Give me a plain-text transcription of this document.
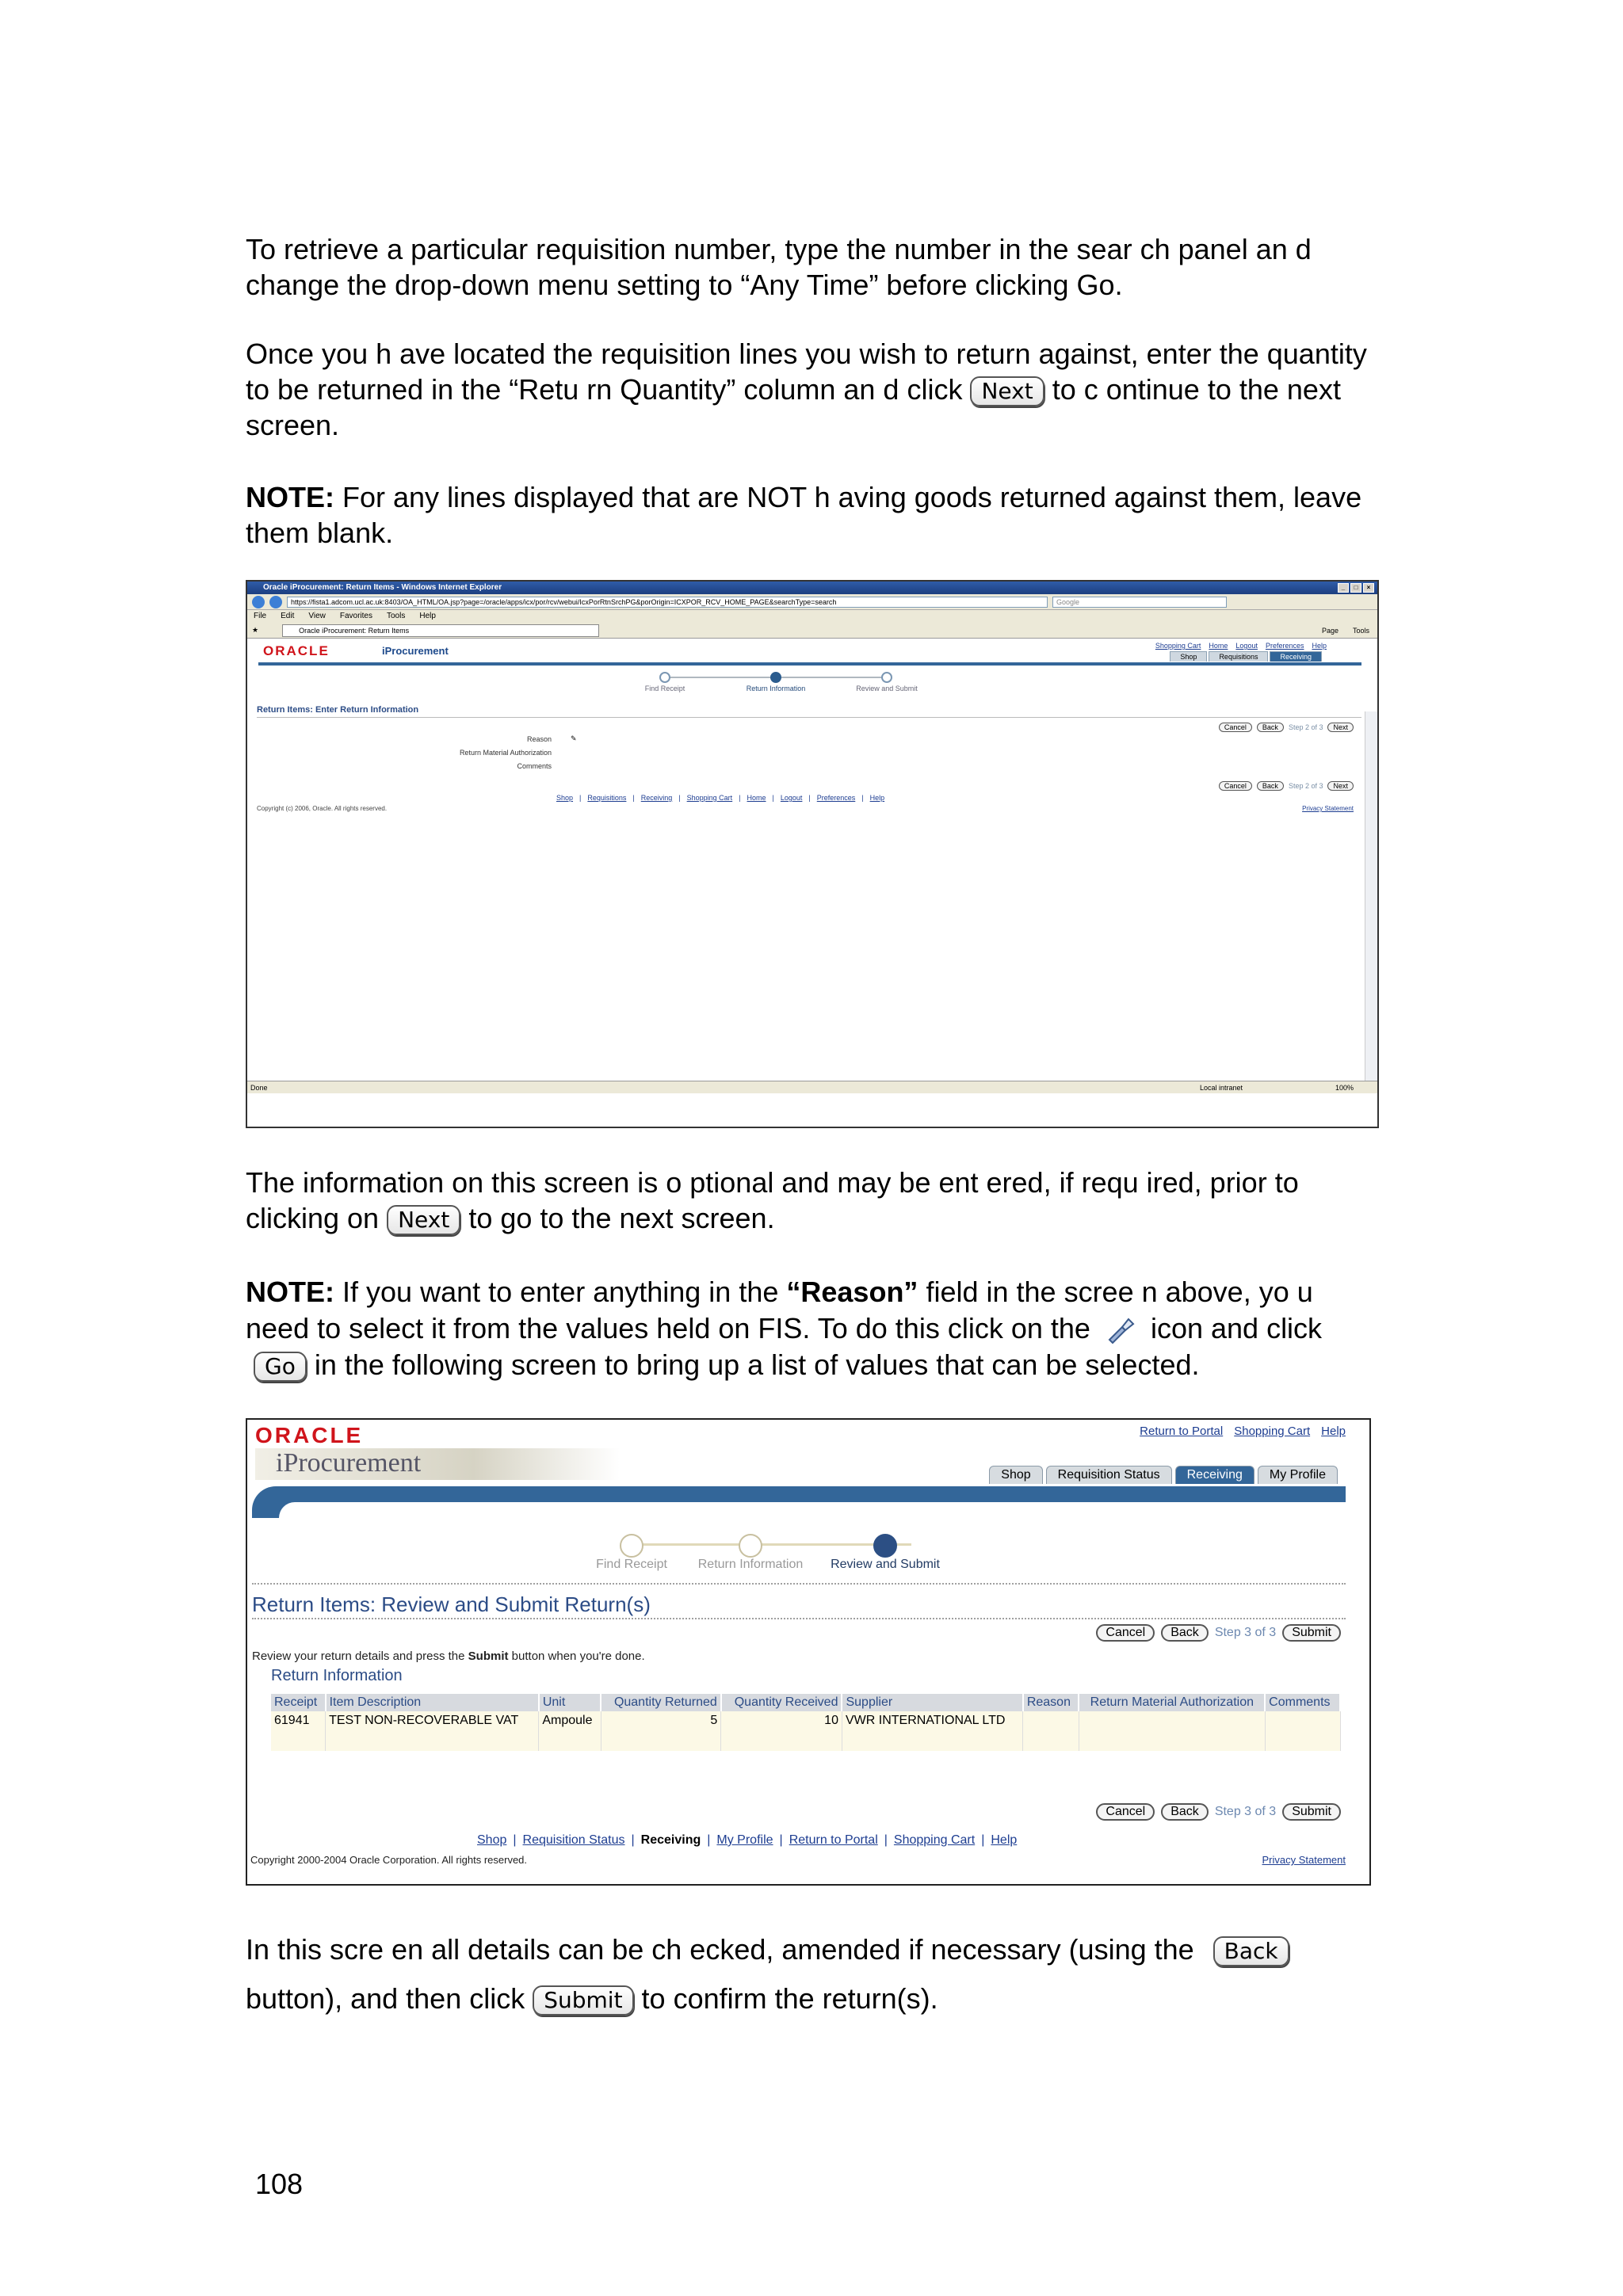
To retrieve a particular requisition number, type the number in the sear ch panel an d change the drop-down menu setting to “Any Time” before clicking Go.
Once you h ave located the requisition lines you wish to return against, enter the quantity to be returned in the “Retu rn Quantity” column an d click Next to c ontinue to the next screen.
NOTE: For any lines displayed that are NOT h aving goods returned against them, leave them blank.
Oracle iProcurement: Return Items - Windows Internet Explorer	_	□	×
https://fista1.adcom.ucl.ac.uk:8403/OA_HTML/OA.jsp?page=/oracle/apps/icx/por/rcv/webui/IcxPorRtnSrchPG&porOrigin=ICXPOR_RCV_HOME_PAGE&searchType=search	Google
File Edit View Favorites Tools Help
★	Oracle iProcurement: Return Items	Page Tools
ORACLE	iProcurement	Shopping Cart Home Logout Preferences Help
Shop	Requisitions	Receiving
Find Receipt	Return Information	Review and Submit
Return Items: Enter Return Information
Cancel	Back	Step 2 of 3	Next
Reason	✎
Return Material Authorization
Comments
Cancel	Back	Step 2 of 3	Next
Shop | Requisitions | Receiving | Shopping Cart | Home | Logout | Preferences | Help
Copyright (c) 2006, Oracle. All rights reserved.	Privacy Statement
Done	Local intranet	100%
The information on this screen is o ptional and may be ent ered, if requ ired, prior to clicking on Next to go to the next screen.
NOTE: If you want to enter anything in the “Reason” field in the scree n above, yo u need to select it from the values held on FIS. To do this click on the icon and clickGo in the following screen to bring up a list of values that can be selected.
ORACLE
iProcurement
Return to Portal Shopping Cart Help
Shop	Requisition Status	Receiving	My Profile
Find Receipt Return Information Review and Submit
Return Items: Review and Submit Return(s)
Cancel	Back	Step 3 of 3	Submit
Review your return details and press the Submit button when you're done.
Return Information
Receipt	Item Description	Unit	Quantity Returned	Quantity Received	Supplier	Reason	Return Material Authorization	Comments
61941	TEST NON-RECOVERABLE VAT	Ampoule	5	10	VWR INTERNATIONAL LTD			
Cancel	Back	Step 3 of 3	Submit
Shop | Requisition Status | Receiving | My Profile | Return to Portal | Shopping Cart | Help
Copyright 2000-2004 Oracle Corporation. All rights reserved.	Privacy Statement
In this scre en all details can be ch ecked, amended if necessary (using the Back
button), and then click Submit to confirm the return(s).
108
